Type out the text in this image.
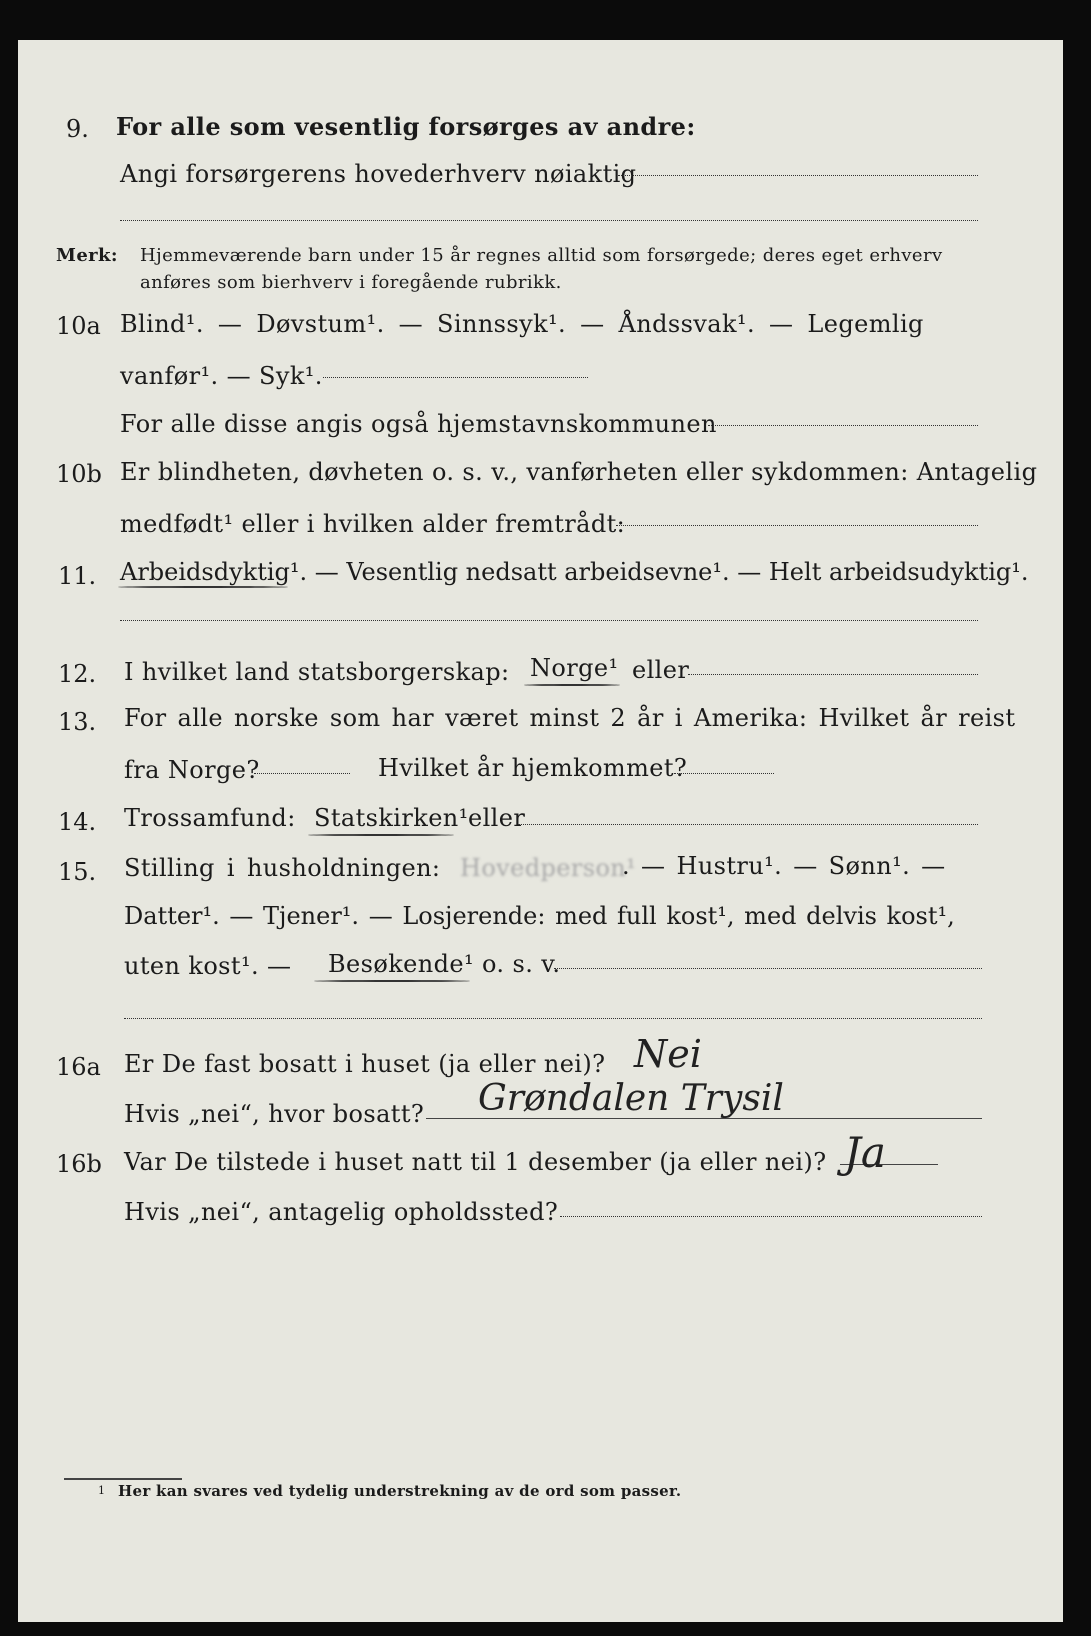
9. For alle som vesentlig forsørges av andre:
Angi forsørgerens hovederhverv nøiaktig
Merk: Hjemmeværende barn under 15 år regnes alltid som forsørgede; deres eget erhverv
anføres som bierhverv i foregående rubrikk.
10a Blind¹. — Døvstum¹. — Sinnssyk¹. — Åndssvak¹. — Legemlig
vanfør¹. — Syk¹.
For alle disse angis også hjemstavnskommunen
10b Er blindheten, døvheten o. s. v., vanførheten eller sykdommen: Antagelig
medfødt¹ eller i hvilken alder fremtrådt:
11. Arbeidsdyktig¹. — Vesentlig nedsatt arbeidsevne¹. — Helt arbeidsudyktig¹.
12. I hvilket land statsborgerskap: Norge¹ eller
13. For alle norske som har været minst 2 år i Amerika: Hvilket år reist
fra Norge?	Hvilket år hjemkommet?
14. Trossamfund: Statskirken¹ eller
15. Stilling i husholdningen: Hovedperson¹
. — Hustru¹. — Sønn¹. —
Datter¹. — Tjener¹. — Losjerende: med full kost¹, med delvis kost¹,
uten kost¹. — Besøkende¹ o. s. v.
16a Er De fast bosatt i huset (ja eller nei)? Nei
Hvis „nei“, hvor bosatt? Grøndalen Trysil
16b Var De tilstede i huset natt til 1 desember (ja eller nei)? Ja
Hvis „nei“, antagelig opholdssted?
1 Her kan svares ved tydelig understrekning av de ord som passer.
